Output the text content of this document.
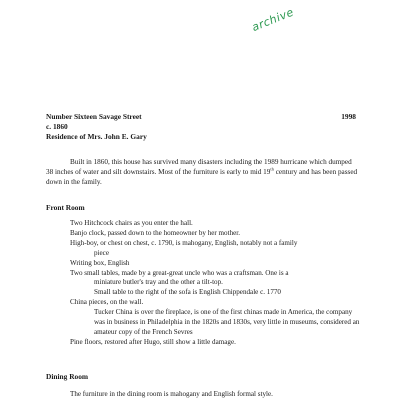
archive
Number Sixteen Savage Street
c. 1860
Residence of Mrs. John E. Gary
1998
Built in 1860, this house has survived many disasters including the 1989 hurricane which dumped 38 inches of water and silt downstairs. Most of the furniture is early to mid 19th century and has been passed down in the family.
Front Room
Two Hitchcock chairs as you enter the hall.
Banjo clock, passed down to the homeowner by her mother.
High-boy, or chest on chest, c. 1790, is mahogany, English, notably not a family
piece
Writing box, English
Two small tables, made by a great-great uncle who was a craftsman. One is a
miniature butler's tray and the other a tilt-top.
Small table to the right of the sofa is English Chippendale c. 1770
China pieces, on the wall.
Tucker China is over the fireplace, is one of the first chinas made in America, the company was in business in Philadelphia in the 1820s and 1830s, very little in museums, considered an amateur copy of the French Sevres
Pine floors, restored after Hugo, still show a little damage.
Dining Room
The furniture in the dining room is mahogany and English formal style.
